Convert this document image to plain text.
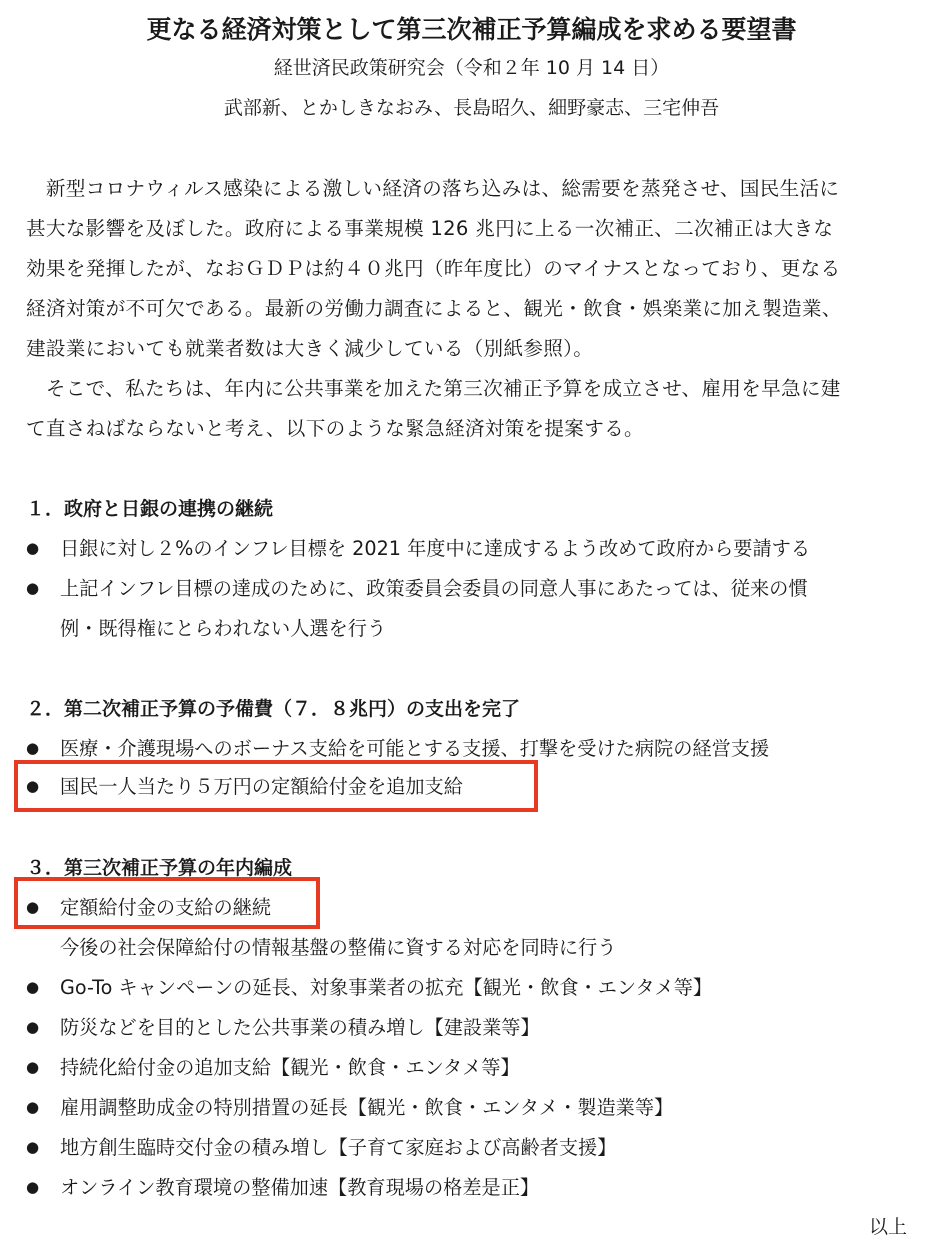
更なる経済対策として第三次補正予算編成を求める要望書
経世済民政策研究会（令和２年 10 月 14 日）
武部新、とかしきなおみ、長島昭久、細野豪志、三宅伸吾
　新型コロナウィルス感染による激しい経済の落ち込みは、総需要を蒸発させ、国民生活に
甚大な影響を及ぼした。政府による事業規模 126 兆円に上る一次補正、二次補正は大きな
効果を発揮したが、なおＧＤＰは約４０兆円（昨年度比）のマイナスとなっており、更なる
経済対策が不可欠である。最新の労働力調査によると、観光・飲食・娯楽業に加え製造業、
建設業においても就業者数は大きく減少している（別紙参照）。
　そこで、私たちは、年内に公共事業を加えた第三次補正予算を成立させ、雇用を早急に建
て直さねばならないと考え、以下のような緊急経済対策を提案する。
１．政府と日銀の連携の継続
● 日銀に対し２%のインフレ目標を 2021 年度中に達成するよう改めて政府から要請する
● 上記インフレ目標の達成のために、政策委員会委員の同意人事にあたっては、従来の慣
例・既得権にとらわれない人選を行う
２．第二次補正予算の予備費（７．８兆円）の支出を完了
● 医療・介護現場へのボーナス支給を可能とする支援、打撃を受けた病院の経営支援
● 国民一人当たり５万円の定額給付金を追加支給
３．第三次補正予算の年内編成
● 定額給付金の支給の継続
今後の社会保障給付の情報基盤の整備に資する対応を同時に行う
● Go-To キャンペーンの延長、対象事業者の拡充【観光・飲食・エンタメ等】
● 防災などを目的とした公共事業の積み増し【建設業等】
● 持続化給付金の追加支給【観光・飲食・エンタメ等】
● 雇用調整助成金の特別措置の延長【観光・飲食・エンタメ・製造業等】
● 地方創生臨時交付金の積み増し【子育て家庭および高齢者支援】
● オンライン教育環境の整備加速【教育現場の格差是正】
以上
